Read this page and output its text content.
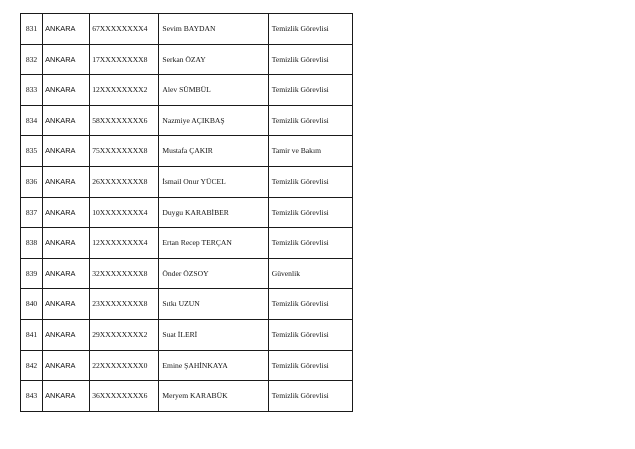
831	ANKARA	67XXXXXXXX4	Sevim BAYDAN	Temizlik Görevlisi
832	ANKARA	17XXXXXXXX8	Serkan ÖZAY	Temizlik Görevlisi
833	ANKARA	12XXXXXXXX2	Alev SÜMBÜL	Temizlik Görevlisi
834	ANKARA	58XXXXXXXX6	Nazmiye AÇIKBAŞ	Temizlik Görevlisi
835	ANKARA	75XXXXXXXX8	Mustafa ÇAKIR	Tamir ve Bakım
836	ANKARA	26XXXXXXXX8	İsmail Onur YÜCEL	Temizlik Görevlisi
837	ANKARA	10XXXXXXXX4	Duygu KARABİBER	Temizlik Görevlisi
838	ANKARA	12XXXXXXXX4	Ertan Recep TERÇAN	Temizlik Görevlisi
839	ANKARA	32XXXXXXXX8	Önder ÖZSOY	Güvenlik
840	ANKARA	23XXXXXXXX8	Sıtkı UZUN	Temizlik Görevlisi
841	ANKARA	29XXXXXXXX2	Suat İLERİ	Temizlik Görevlisi
842	ANKARA	22XXXXXXXX0	Emine ŞAHİNKAYA	Temizlik Görevlisi
843	ANKARA	36XXXXXXXX6	Meryem KARABÜK	Temizlik Görevlisi
